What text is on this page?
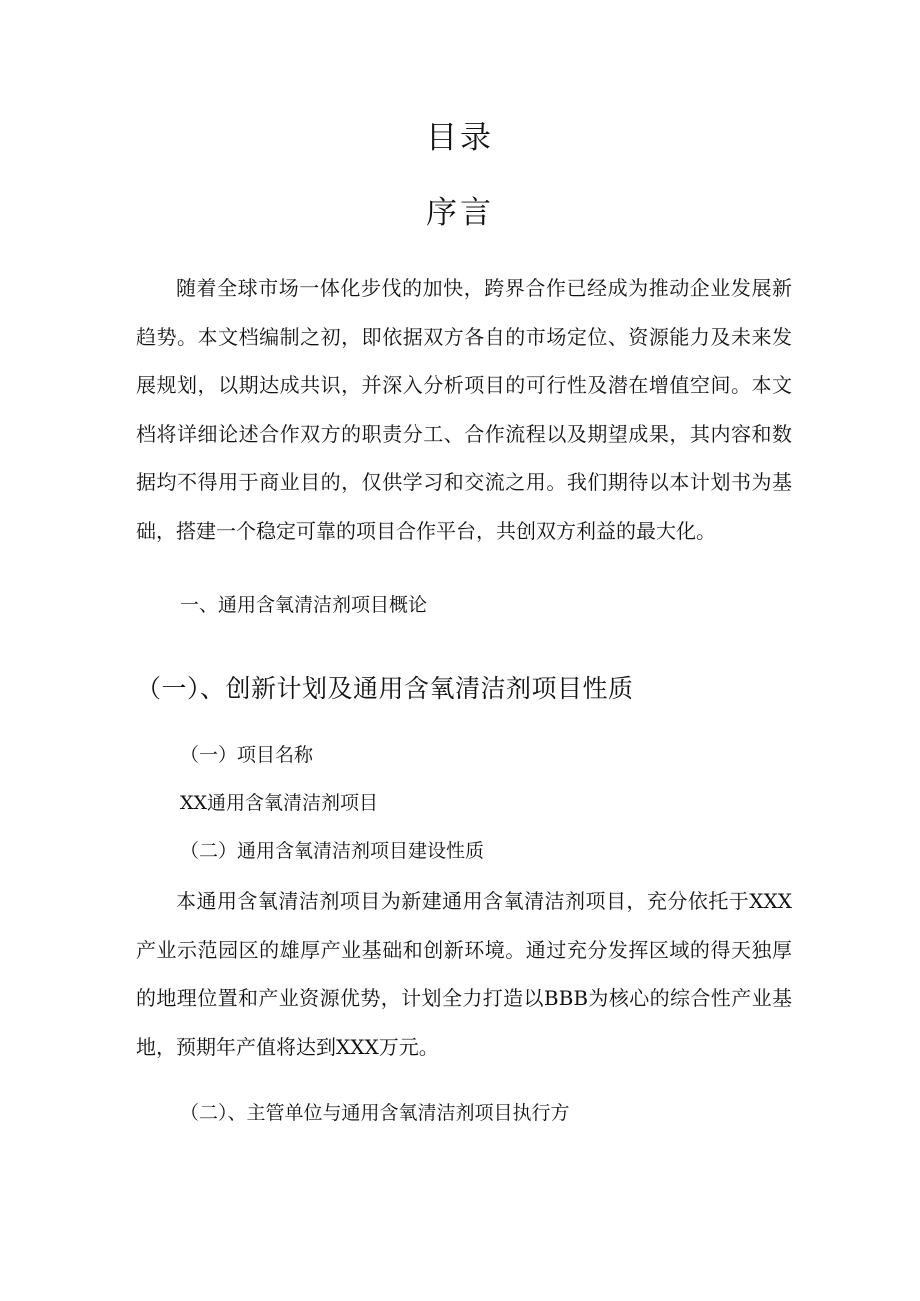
目录
序言

随着全球市场一体化步伐的加快，跨界合作已经成为推动企业发展新趋势。本文档编制之初，即依据双方各自的市场定位、资源能力及未来发展规划，以期达成共识，并深入分析项目的可行性及潜在增值空间。本文档将详细论述合作双方的职责分工、合作流程以及期望成果，其内容和数据均不得用于商业目的，仅供学习和交流之用。我们期待以本计划书为基础，搭建一个稳定可靠的项目合作平台，共创双方利益的最大化。

一、通用含氧清洁剂项目概论

（一）、创新计划及通用含氧清洁剂项目性质

（一）项目名称

XX通用含氧清洁剂项目

（二）通用含氧清洁剂项目建设性质

本通用含氧清洁剂项目为新建通用含氧清洁剂项目，充分依托于XXX产业示范园区的雄厚产业基础和创新环境。通过充分发挥区域的得天独厚的地理位置和产业资源优势，计划全力打造以BBB为核心的综合性产业基地，预期年产值将达到XXX万元。

（二）、主管单位与通用含氧清洁剂项目执行方
